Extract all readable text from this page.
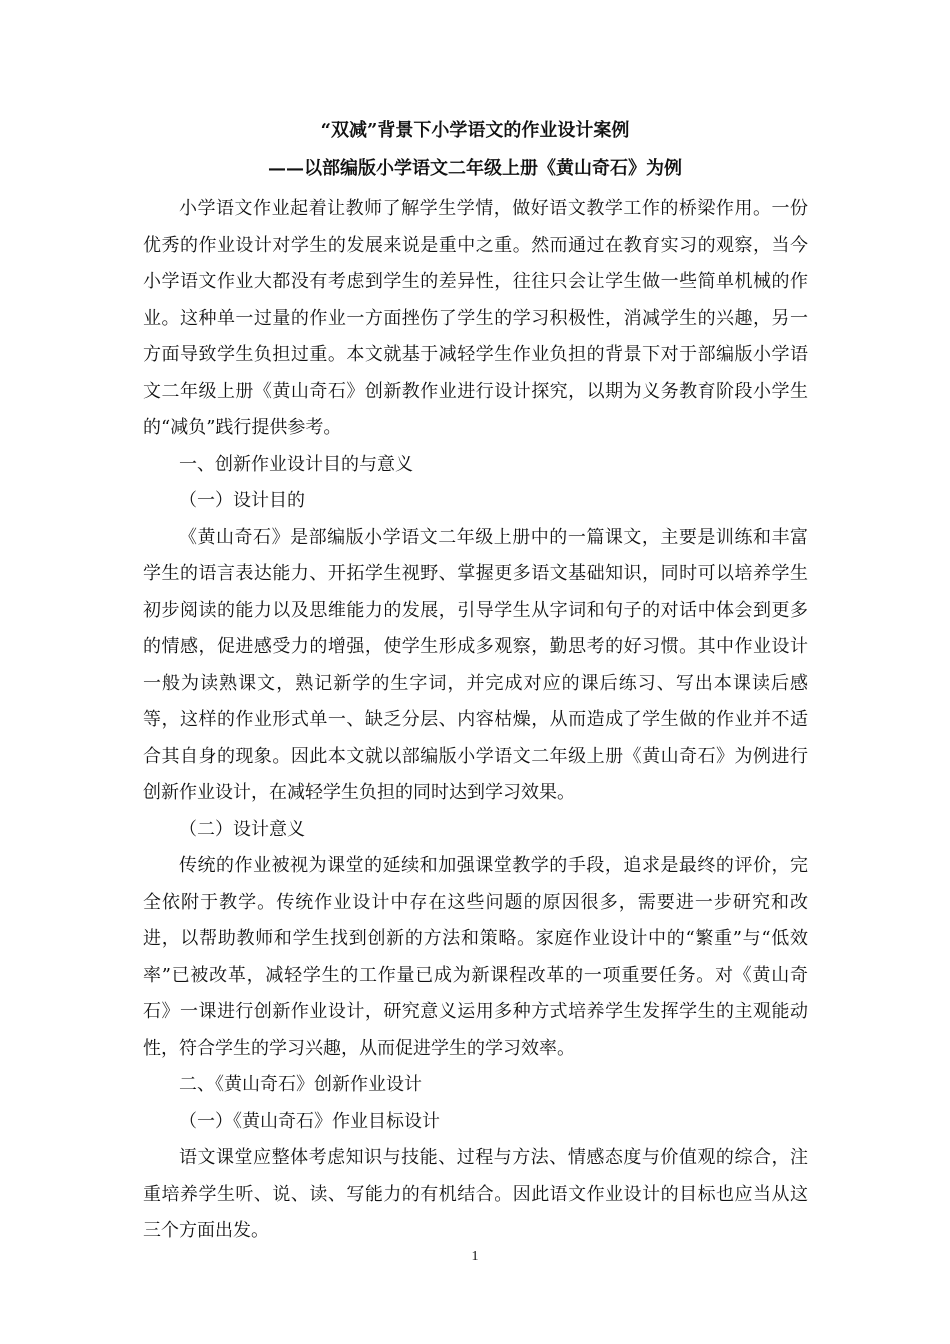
“双减”背景下小学语文的作业设计案例
——以部编版小学语文二年级上册《黄山奇石》为例

小学语文作业起着让教师了解学生学情，做好语文教学工作的桥梁作用。一份优秀的作业设计对学生的发展来说是重中之重。然而通过在教育实习的观察，当今小学语文作业大都没有考虑到学生的差异性，往往只会让学生做一些简单机械的作业。这种单一过量的作业一方面挫伤了学生的学习积极性，消减学生的兴趣，另一方面导致学生负担过重。本文就基于减轻学生作业负担的背景下对于部编版小学语文二年级上册《黄山奇石》创新教作业进行设计探究，以期为义务教育阶段小学生的“减负”践行提供参考。

一、创新作业设计目的与意义

（一）设计目的

《黄山奇石》是部编版小学语文二年级上册中的一篇课文，主要是训练和丰富学生的语言表达能力、开拓学生视野、掌握更多语文基础知识，同时可以培养学生初步阅读的能力以及思维能力的发展，引导学生从字词和句子的对话中体会到更多的情感，促进感受力的增强，使学生形成多观察，勤思考的好习惯。其中作业设计一般为读熟课文，熟记新学的生字词，并完成对应的课后练习、写出本课读后感等，这样的作业形式单一、缺乏分层、内容枯燥，从而造成了学生做的作业并不适合其自身的现象。因此本文就以部编版小学语文二年级上册《黄山奇石》为例进行创新作业设计，在减轻学生负担的同时达到学习效果。

（二）设计意义

传统的作业被视为课堂的延续和加强课堂教学的手段，追求是最终的评价，完全依附于教学。传统作业设计中存在这些问题的原因很多，需要进一步研究和改进，以帮助教师和学生找到创新的方法和策略。家庭作业设计中的“繁重”与“低效率”已被改革，减轻学生的工作量已成为新课程改革的一项重要任务。对《黄山奇石》一课进行创新作业设计，研究意义运用多种方式培养学生发挥学生的主观能动性，符合学生的学习兴趣，从而促进学生的学习效率。

二、《黄山奇石》创新作业设计

（一）《黄山奇石》作业目标设计

语文课堂应整体考虑知识与技能、过程与方法、情感态度与价值观的综合，注重培养学生听、说、读、写能力的有机结合。因此语文作业设计的目标也应当从这三个方面出发。

1
